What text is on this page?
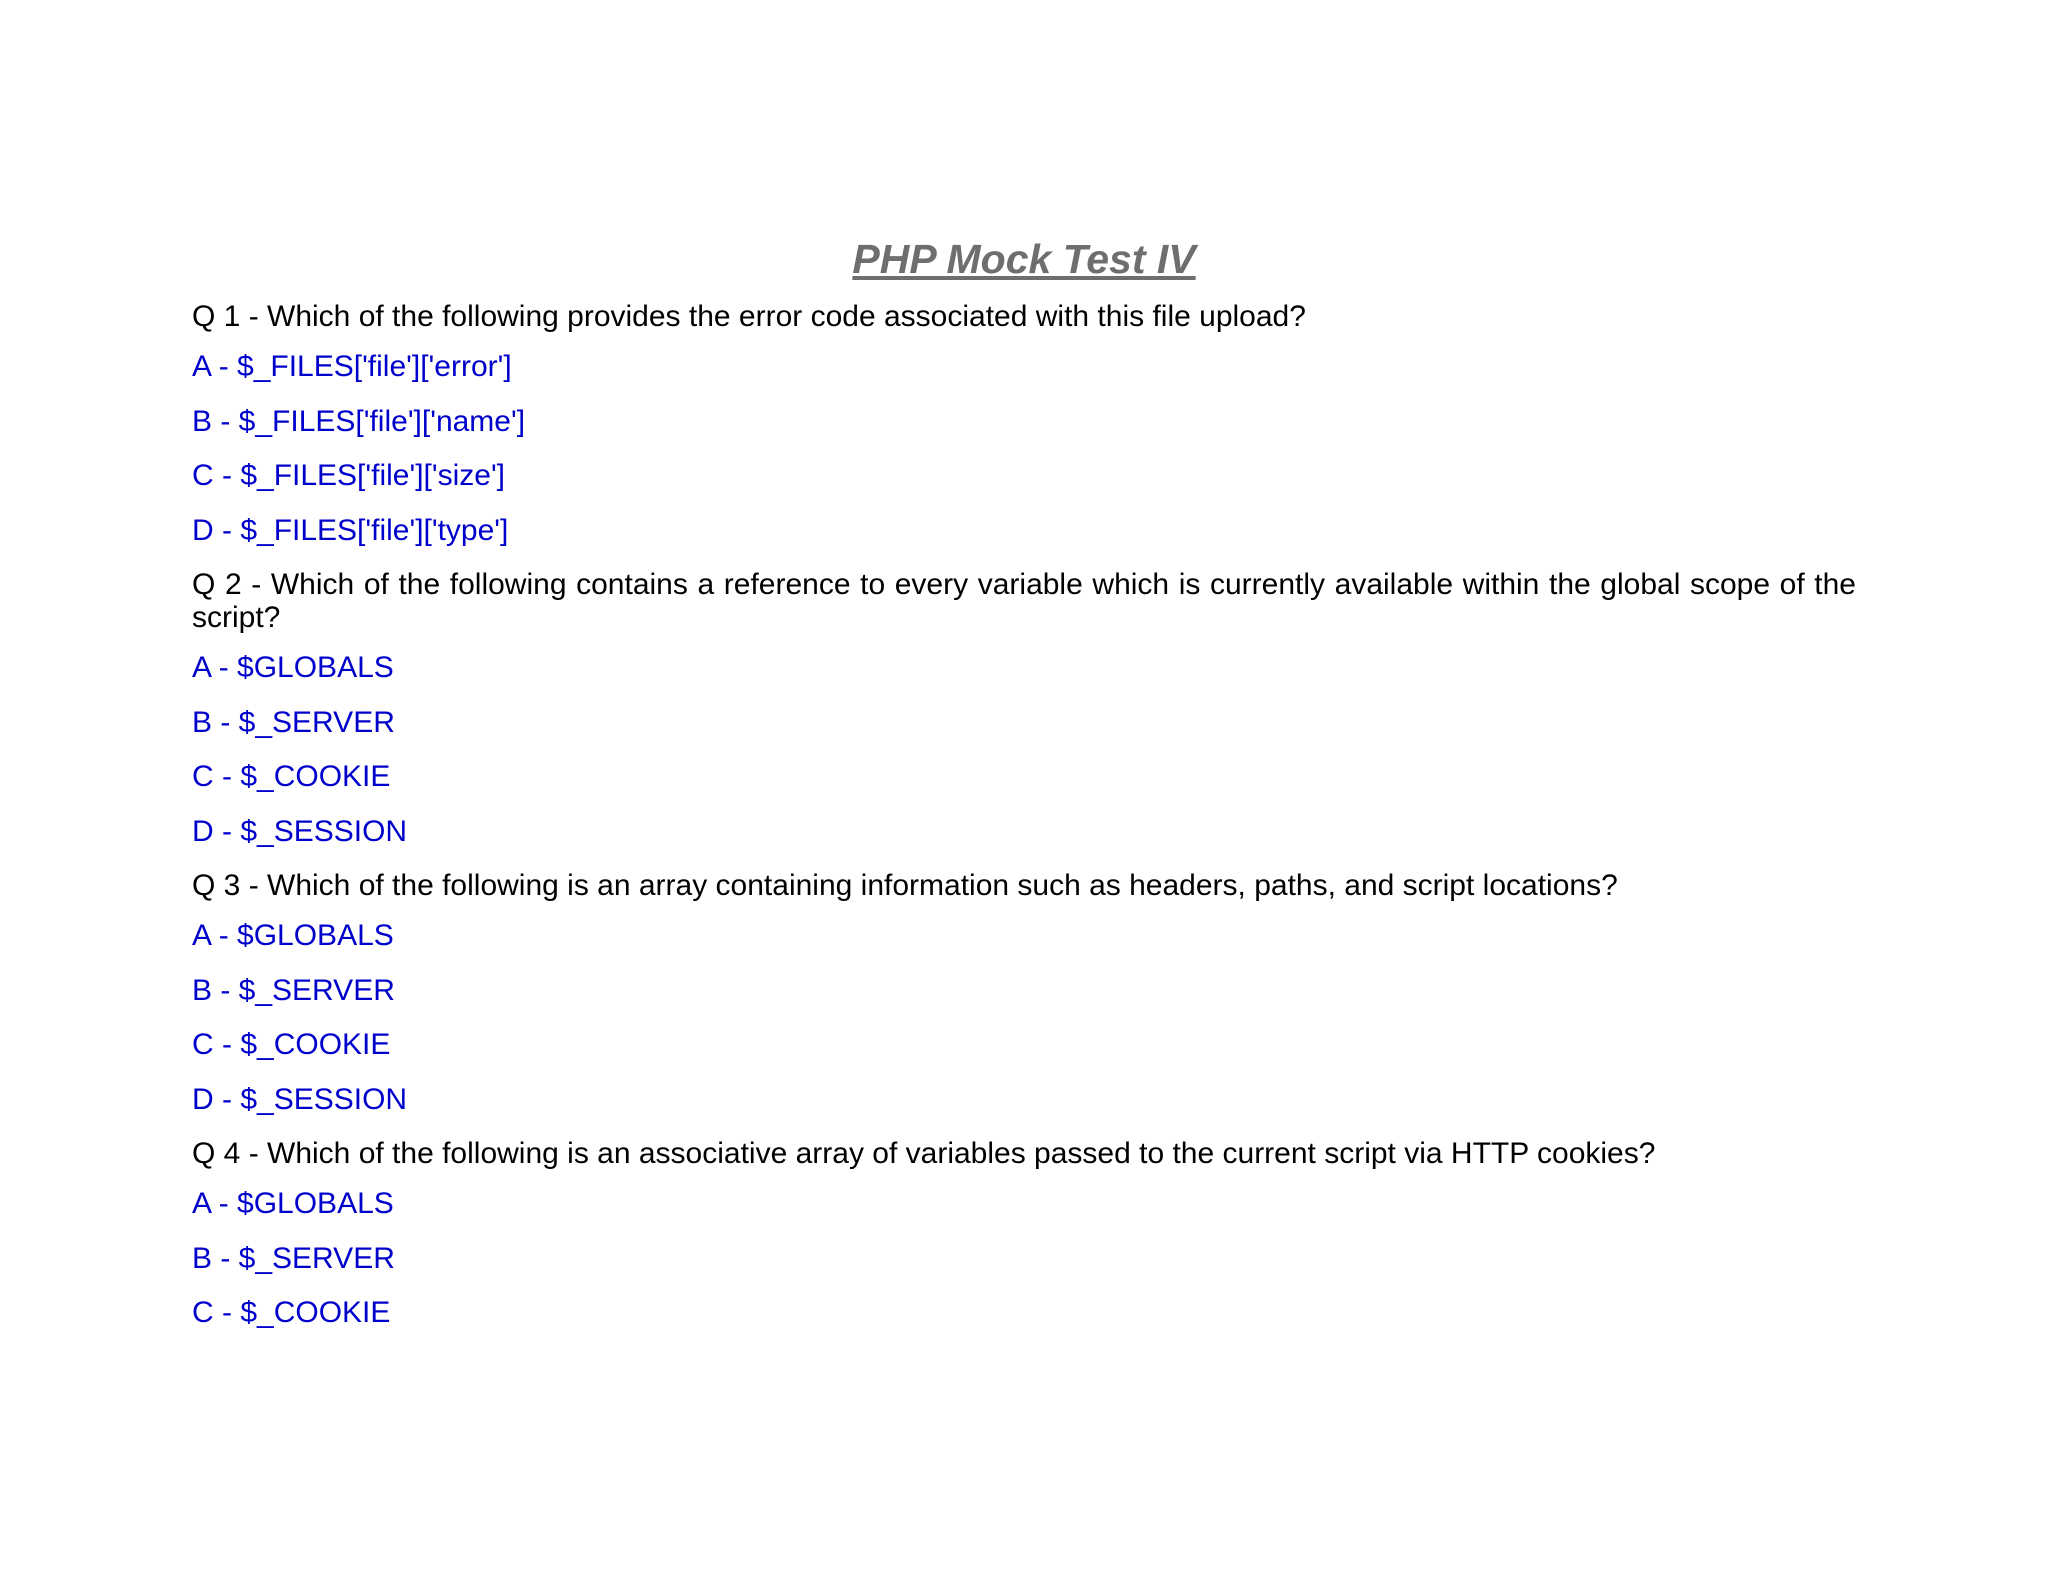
PHP Mock Test IV
Q 1 - Which of the following provides the error code associated with this file upload?
A - $_FILES['file']['error']
B - $_FILES['file']['name']
C - $_FILES['file']['size']
D - $_FILES['file']['type']
Q 2 - Which of the following contains a reference to every variable which is currently available within the global scope of the script?
A - $GLOBALS
B - $_SERVER
C - $_COOKIE
D - $_SESSION
Q 3 - Which of the following is an array containing information such as headers, paths, and script locations?
A - $GLOBALS
B - $_SERVER
C - $_COOKIE
D - $_SESSION
Q 4 - Which of the following is an associative array of variables passed to the current script via HTTP cookies?
A - $GLOBALS
B - $_SERVER
C - $_COOKIE
